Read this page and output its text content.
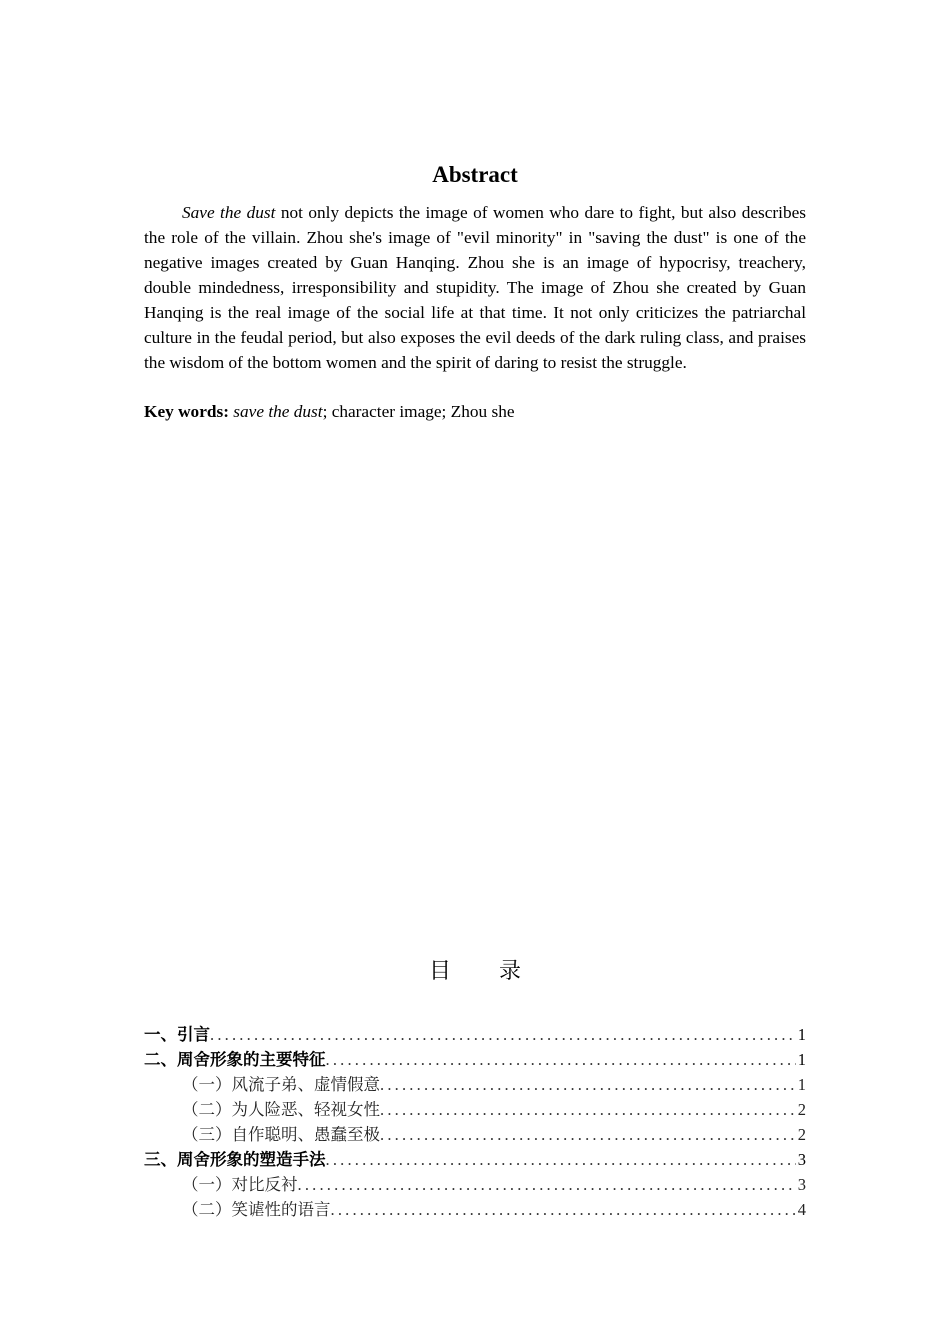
Abstract

Save the dust not only depicts the image of women who dare to fight, but also describes the role of the villain. Zhou she's image of "evil minority" in "saving the dust" is one of the negative images created by Guan Hanqing. Zhou she is an image of hypocrisy, treachery, double mindedness, irresponsibility and stupidity. The image of Zhou she created by Guan Hanqing is the real image of the social life at that time. It not only criticizes the patriarchal culture in the feudal period, but also exposes the evil deeds of the dark ruling class, and praises the wisdom of the bottom women and the spirit of daring to resist the struggle.

Key words: save the dust; character image; Zhou she

目 录
一、引言 .....	1
二、周舍形象的主要特征 .....	1
（一）风流子弟、虚情假意 .....	1
（二）为人险恶、轻视女性 .....	2
（三）自作聪明、愚蠢至极 .....	2
三、周舍形象的塑造手法 .....	3
（一）对比反衬 .....	3
（二）笑谑性的语言 .....	4
